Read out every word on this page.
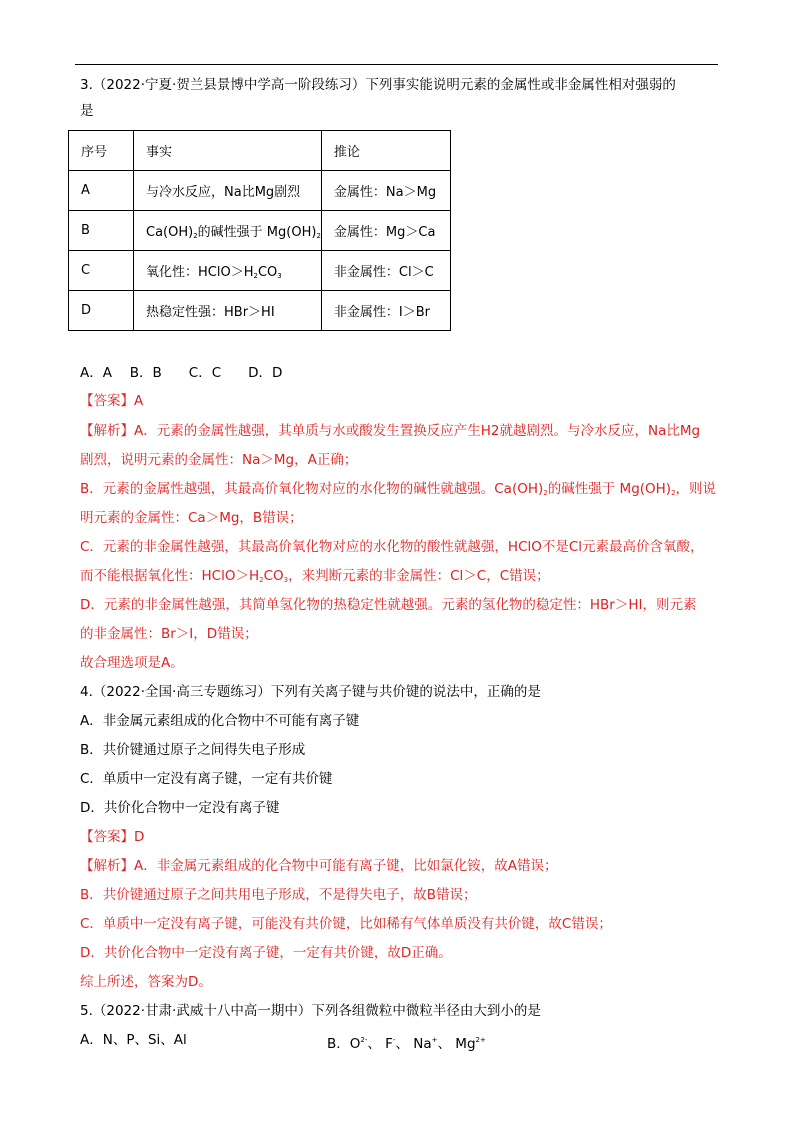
3.（2022·宁夏·贺兰县景博中学高一阶段练习）下列事实能说明元素的金属性或非金属性相对强弱的
是
序号	事实	推论
A	与冷水反应，Na比Mg剧烈	金属性：Na＞Mg
B	$Ca(OH)_2$的碱性强于 $Mg(OH)_2$	金属性：Mg＞Ca
C	氧化性：$HClO>H_2CO_3$	非金属性：Cl＞C
D	热稳定性强：HBr＞HI	非金属性：I＞Br
A．A　 B．B　　C．C　　D．D
【答案】A
【解析】A．元素的金属性越强，其单质与水或酸发生置换反应产生H2就越剧烈。与冷水反应，Na比Mg
剧烈，说明元素的金属性：Na＞Mg，A正确；
B．元素的金属性越强，其最高价氧化物对应的水化物的碱性就越强。$Ca(OH)_2$的碱性强于 $Mg(OH)_2$，则说
明元素的金属性：Ca＞Mg，B错误；
C．元素的非金属性越强，其最高价氧化物对应的水化物的酸性就越强，HClO不是Cl元素最高价含氧酸，
而不能根据氧化性：$HClO>H_2CO_3$，来判断元素的非金属性：Cl＞C，C错误；
D．元素的非金属性越强，其简单氢化物的热稳定性就越强。元素的氢化物的稳定性：HBr＞HI，则元素
的非金属性：Br＞I，D错误；
故合理选项是A。
4.（2022·全国·高三专题练习）下列有关离子键与共价键的说法中，正确的是
A．非金属元素组成的化合物中不可能有离子键
B．共价键通过原子之间得失电子形成
C．单质中一定没有离子键，一定有共价键
D．共价化合物中一定没有离子键
【答案】D
【解析】A．非金属元素组成的化合物中可能有离子键，比如氯化铵，故A错误；
B．共价键通过原子之间共用电子形成，不是得失电子，故B错误；
C．单质中一定没有离子键，可能没有共价键，比如稀有气体单质没有共价键，故C错误；
D．共价化合物中一定没有离子键，一定有共价键，故D正确。
综上所述，答案为D。
5.（2022·甘肃·武威十八中高一期中）下列各组微粒中微粒半径由大到小的是
A．N、P、Si、Al	B．$O^{2-}$、 F-、 Na+、 $Mg^{2+}$
